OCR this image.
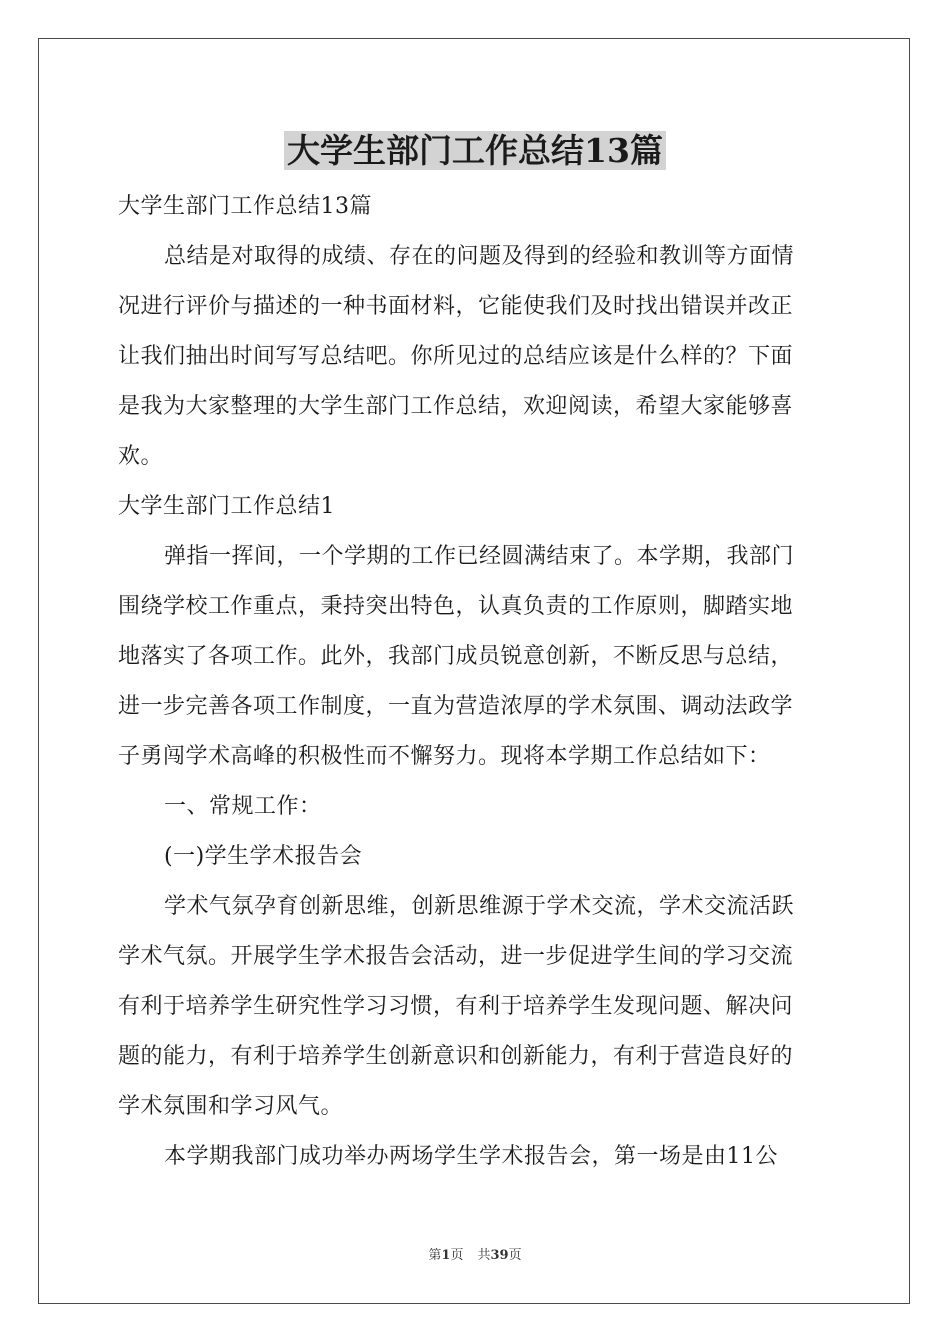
大学生部门工作总结13篇
大学生部门工作总结13篇
总结是对取得的成绩、存在的问题及得到的经验和教训等方面情
况进行评价与描述的一种书面材料，它能使我们及时找出错误并改正
让我们抽出时间写写总结吧。你所见过的总结应该是什么样的？下面
是我为大家整理的大学生部门工作总结，欢迎阅读，希望大家能够喜
欢。
大学生部门工作总结1
弹指一挥间，一个学期的工作已经圆满结束了。本学期，我部门
围绕学校工作重点，秉持突出特色，认真负责的工作原则，脚踏实地
地落实了各项工作。此外，我部门成员锐意创新，不断反思与总结，
进一步完善各项工作制度，一直为营造浓厚的学术氛围、调动法政学
子勇闯学术高峰的积极性而不懈努力。现将本学期工作总结如下：
一、常规工作：
(一)学生学术报告会
学术气氛孕育创新思维，创新思维源于学术交流，学术交流活跃
学术气氛。开展学生学术报告会活动，进一步促进学生间的学习交流
有利于培养学生研究性学习习惯，有利于培养学生发现问题、解决问
题的能力，有利于培养学生创新意识和创新能力，有利于营造良好的
学术氛围和学习风气。
本学期我部门成功举办两场学生学术报告会，第一场是由11公
第1页 共39页
